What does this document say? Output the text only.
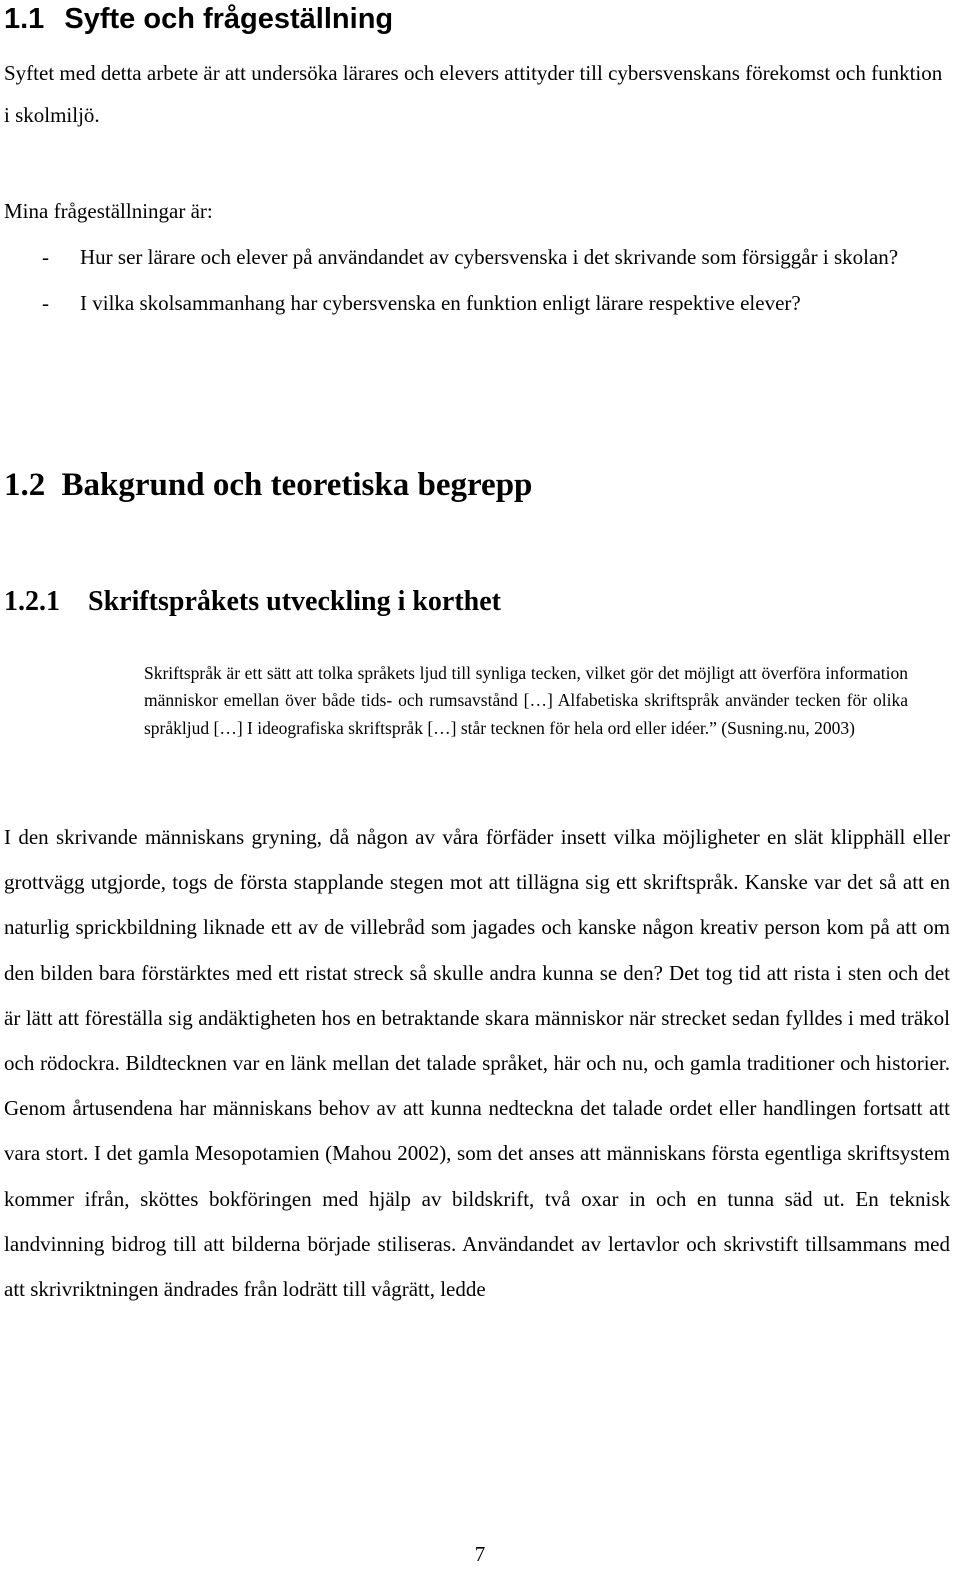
1.1 Syfte och frågeställning

Syftet med detta arbete är att undersöka lärares och elevers attityder till cybersvenskans förekomst och funktion i skolmiljö.

Mina frågeställningar är:

- Hur ser lärare och elever på användandet av cybersvenska i det skrivande som försiggår i skolan?
- I vilka skolsammanhang har cybersvenska en funktion enligt lärare respektive elever?
1.2 Bakgrund och teoretiska begrepp
1.2.1 Skriftspråkets utveckling i korthet
Skriftspråk är ett sätt att tolka språkets ljud till synliga tecken, vilket gör det möjligt att överföra information människor emellan över både tids- och rumsavstånd […] Alfabetiska skriftspråk använder tecken för olika språkljud […] I ideografiska skriftspråk […] står tecknen för hela ord eller idéer.” (Susning.nu, 2003)

I den skrivande människans gryning, då någon av våra förfäder insett vilka möjligheter en slät klipphäll eller grottvägg utgjorde, togs de första stapplande stegen mot att tillägna sig ett skriftspråk. Kanske var det så att en naturlig sprickbildning liknade ett av de villebråd som jagades och kanske någon kreativ person kom på att om den bilden bara förstärktes med ett ristat streck så skulle andra kunna se den? Det tog tid att rista i sten och det är lätt att föreställa sig andäktigheten hos en betraktande skara människor när strecket sedan fylldes i med träkol och rödockra. Bildtecknen var en länk mellan det talade språket, här och nu, och gamla traditioner och historier. Genom årtusendena har människans behov av att kunna nedteckna det talade ordet eller handlingen fortsatt att vara stort. I det gamla Mesopotamien (Mahou 2002), som det anses att människans första egentliga skriftsystem kommer ifrån, sköttes bokföringen med hjälp av bildskrift, två oxar in och en tunna säd ut. En teknisk landvinning bidrog till att bilderna började stiliseras. Användandet av lertavlor och skrivstift tillsammans med att skrivriktningen ändrades från lodrätt till vågrätt, ledde

7
